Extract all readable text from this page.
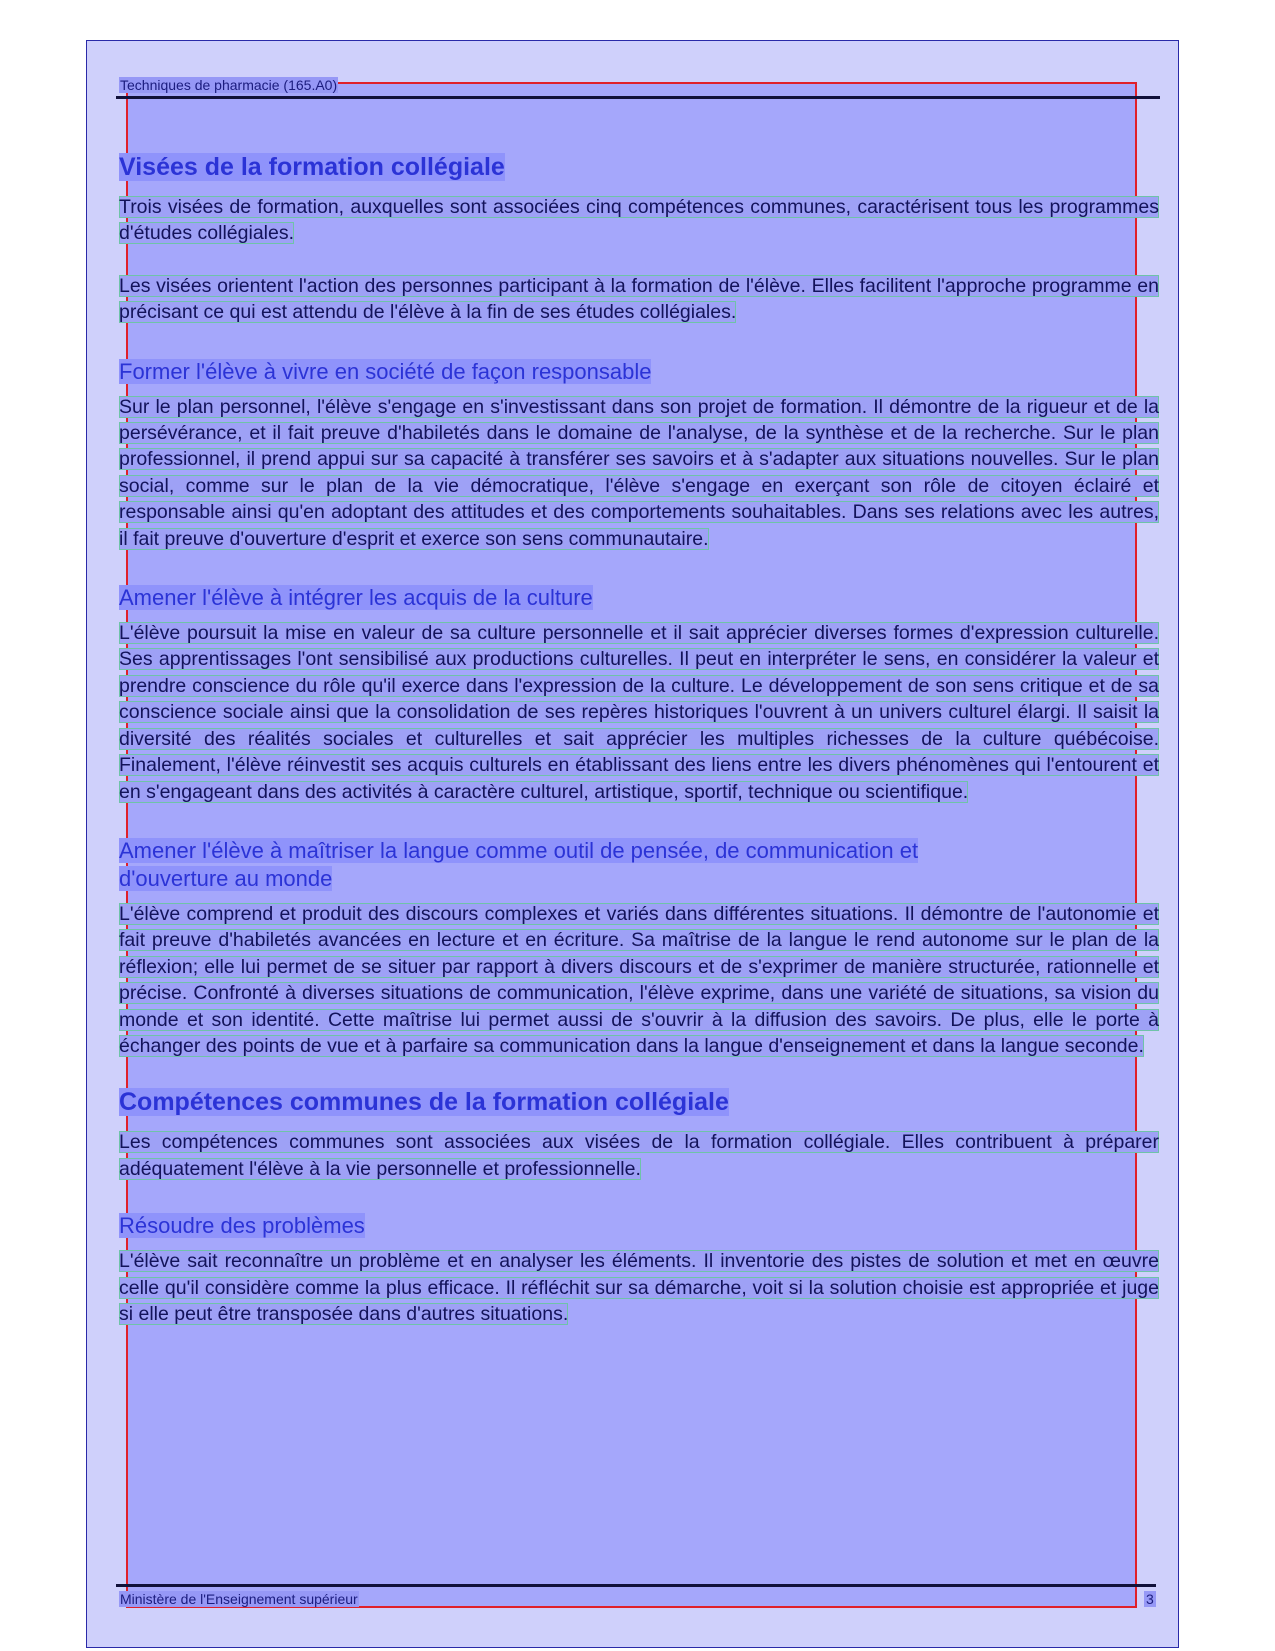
Techniques de pharmacie (165.A0)
Visées de la formation collégiale

Trois visées de formation, auxquelles sont associées cinq compétences communes, caractérisent tous les programmes d'études collégiales.

Les visées orientent l'action des personnes participant à la formation de l'élève. Elles facilitent l'approche programme en précisant ce qui est attendu de l'élève à la fin de ses études collégiales.

Former l'élève à vivre en société de façon responsable

Sur le plan personnel, l'élève s'engage en s'investissant dans son projet de formation. Il démontre de la rigueur et de la persévérance, et il fait preuve d'habiletés dans le domaine de l'analyse, de la synthèse et de la recherche. Sur le plan professionnel, il prend appui sur sa capacité à transférer ses savoirs et à s'adapter aux situations nouvelles. Sur le plan social, comme sur le plan de la vie démocratique, l'élève s'engage en exerçant son rôle de citoyen éclairé et responsable ainsi qu'en adoptant des attitudes et des comportements souhaitables. Dans ses relations avec les autres, il fait preuve d'ouverture d'esprit et exerce son sens communautaire.

Amener l'élève à intégrer les acquis de la culture

L'élève poursuit la mise en valeur de sa culture personnelle et il sait apprécier diverses formes d'expression culturelle. Ses apprentissages l'ont sensibilisé aux productions culturelles. Il peut en interpréter le sens, en considérer la valeur et prendre conscience du rôle qu'il exerce dans l'expression de la culture. Le développement de son sens critique et de sa conscience sociale ainsi que la consolidation de ses repères historiques l'ouvrent à un univers culturel élargi. Il saisit la diversité des réalités sociales et culturelles et sait apprécier les multiples richesses de la culture québécoise. Finalement, l'élève réinvestit ses acquis culturels en établissant des liens entre les divers phénomènes qui l'entourent et en s'engageant dans des activités à caractère culturel, artistique, sportif, technique ou scientifique.

Amener l'élève à maîtriser la langue comme outil de pensée, de communication et d'ouverture au monde

L'élève comprend et produit des discours complexes et variés dans différentes situations. Il démontre de l'autonomie et fait preuve d'habiletés avancées en lecture et en écriture. Sa maîtrise de la langue le rend autonome sur le plan de la réflexion; elle lui permet de se situer par rapport à divers discours et de s'exprimer de manière structurée, rationnelle et précise. Confronté à diverses situations de communication, l'élève exprime, dans une variété de situations, sa vision du monde et son identité. Cette maîtrise lui permet aussi de s'ouvrir à la diffusion des savoirs. De plus, elle le porte à échanger des points de vue et à parfaire sa communication dans la langue d'enseignement et dans la langue seconde.

Compétences communes de la formation collégiale

Les compétences communes sont associées aux visées de la formation collégiale. Elles contribuent à préparer adéquatement l'élève à la vie personnelle et professionnelle.

Résoudre des problèmes

L'élève sait reconnaître un problème et en analyser les éléments. Il inventorie des pistes de solution et met en œuvre celle qu'il considère comme la plus efficace. Il réfléchit sur sa démarche, voit si la solution choisie est appropriée et juge si elle peut être transposée dans d'autres situations.

Ministère de l'Enseignement supérieur	3
